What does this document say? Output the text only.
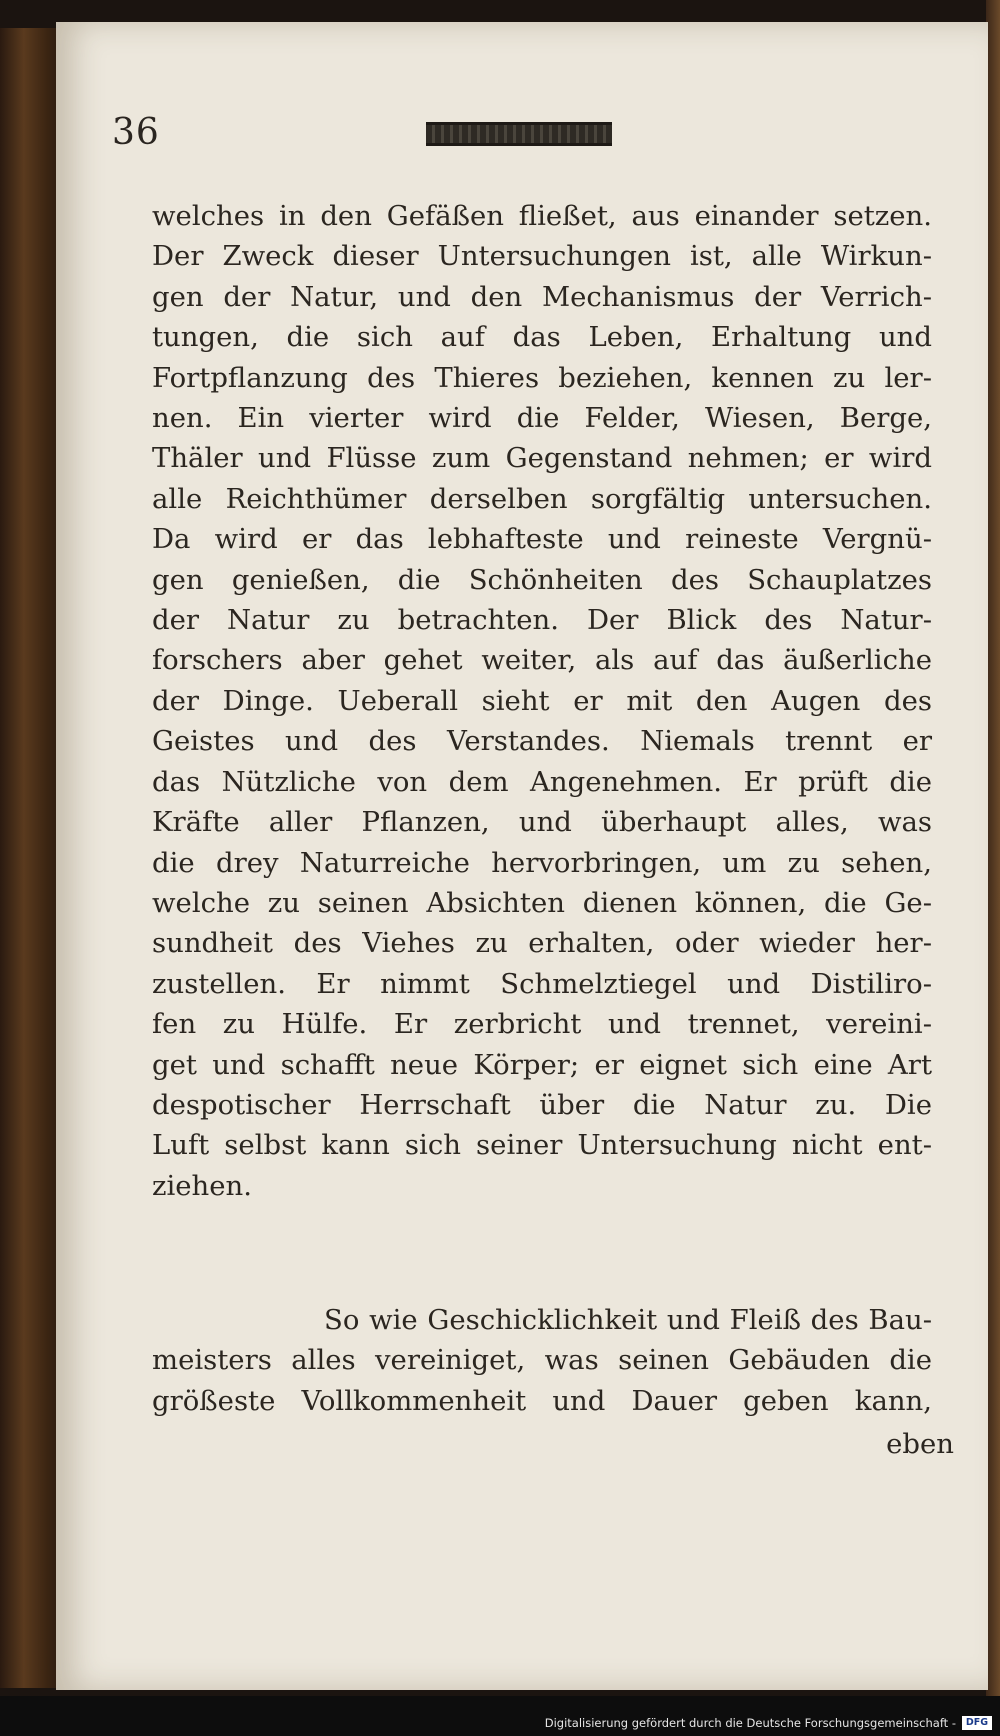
36
welches in den Gefäßen fließet, aus einander setzen.
Der Zweck dieser Untersuchungen ist, alle Wirkun-
gen der Natur, und den Mechanismus der Verrich-
tungen, die sich auf das Leben, Erhaltung und
Fortpflanzung des Thieres beziehen, kennen zu ler-
nen. Ein vierter wird die Felder, Wiesen, Berge,
Thäler und Flüsse zum Gegenstand nehmen; er wird
alle Reichthümer derselben sorgfältig untersuchen.
Da wird er das lebhafteste und reineste Vergnü-
gen genießen, die Schönheiten des Schauplatzes
der Natur zu betrachten. Der Blick des Natur-
forschers aber gehet weiter, als auf das äußerliche
der Dinge. Ueberall sieht er mit den Augen des
Geistes und des Verstandes. Niemals trennt er
das Nützliche von dem Angenehmen. Er prüft die
Kräfte aller Pflanzen, und überhaupt alles, was
die drey Naturreiche hervorbringen, um zu sehen,
welche zu seinen Absichten dienen können, die Ge-
sundheit des Viehes zu erhalten, oder wieder her-
zustellen. Er nimmt Schmelztiegel und Distiliro-
fen zu Hülfe. Er zerbricht und trennet, vereini-
get und schafft neue Körper; er eignet sich eine Art
despotischer Herrschaft über die Natur zu. Die
Luft selbst kann sich seiner Untersuchung nicht ent-
ziehen.
So wie Geschicklichkeit und Fleiß des Bau-
meisters alles vereiniget, was seinen Gebäuden die
größeste Vollkommenheit und Dauer geben kann,
eben
Digitalisierung gefördert durch die Deutsche Forschungsgemeinschaft -	DFG
